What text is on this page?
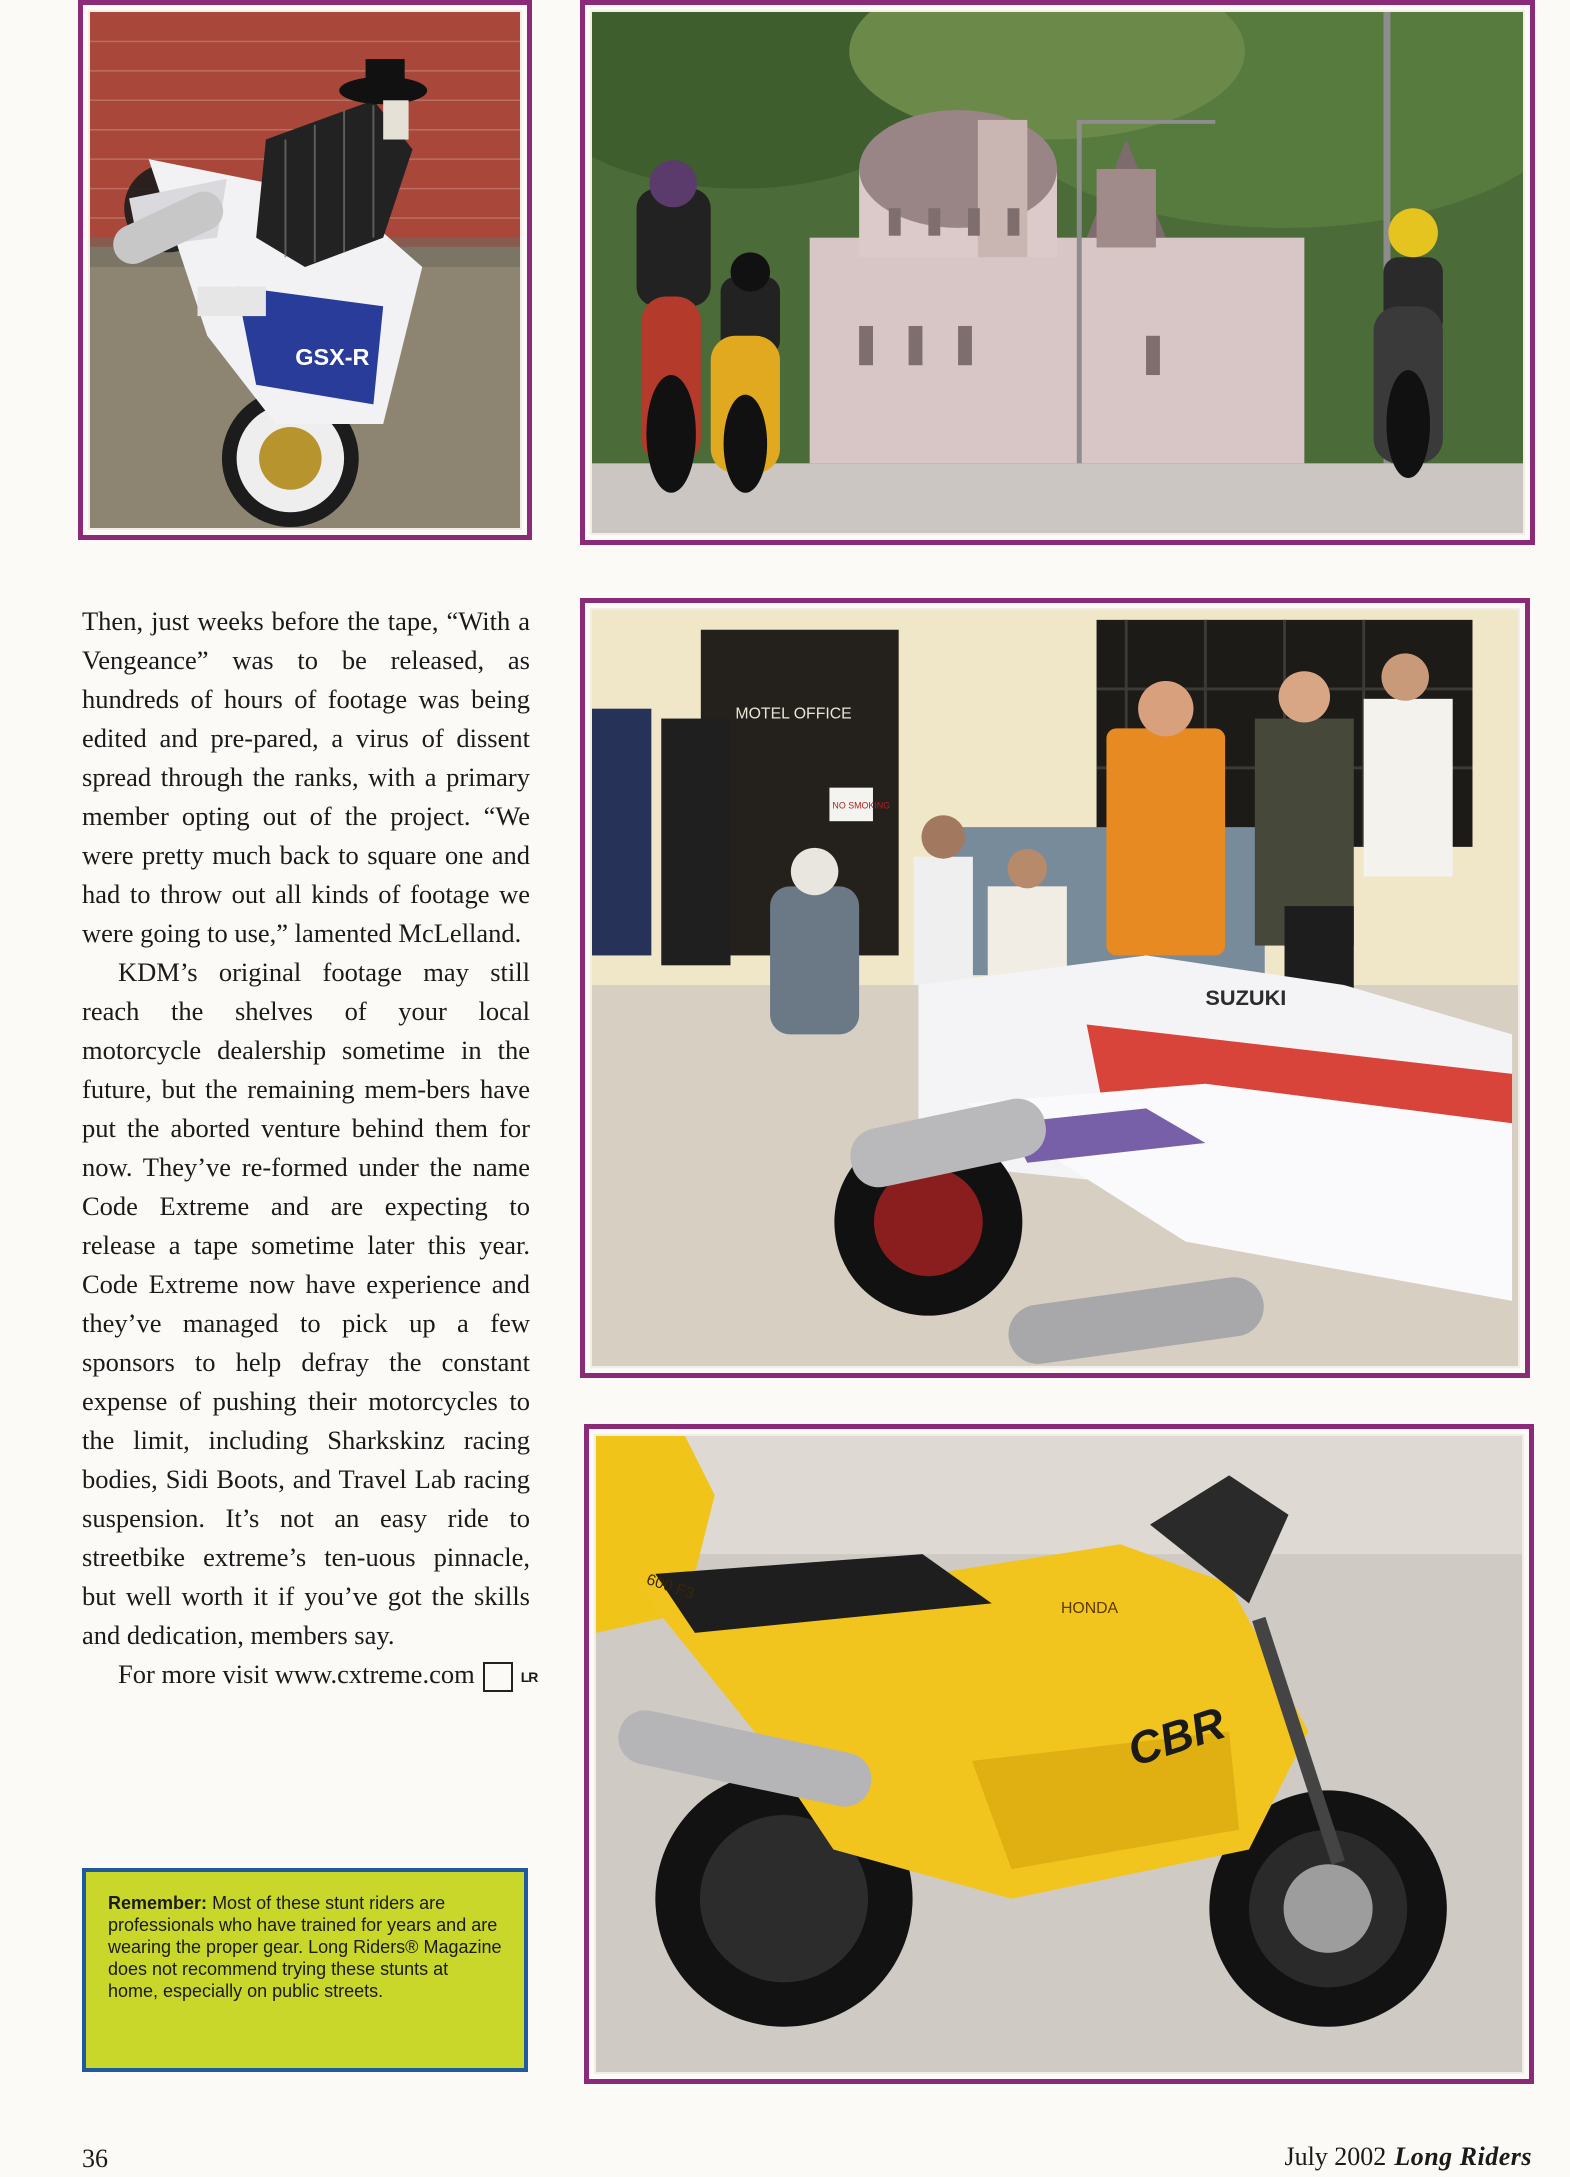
GSX-R
MOTEL OFFICE
NO SMOKING
SUZUKI
HONDA
600 F3
CBR

Then, just weeks before the tape, “With a Vengeance” was to be released, as hundreds of hours of footage was being edited and pre-pared, a virus of dissent spread through the ranks, with a primary member opting out of the project. “We were pretty much back to square one and had to throw out all kinds of footage we were going to use,” lamented McLelland.

KDM’s original footage may still reach the shelves of your local motorcycle dealership sometime in the future, but the remaining mem-bers have put the aborted venture behind them for now. They’ve re-formed under the name Code Extreme and are expecting to release a tape sometime later this year. Code Extreme now have experience and they’ve managed to pick up a few sponsors to help defray the constant expense of pushing their motorcycles to the limit, including Sharkskinz racing bodies, Sidi Boots, and Travel Lab racing suspension. It’s not an easy ride to streetbike extreme’s ten-uous pinnacle, but well worth it if you’ve got the skills and dedication, members say.

For more visit www.cxtreme.com	LR

Remember: Most of these stunt riders are professionals who have trained for years and are wearing the proper gear. Long Riders® Magazine does not recommend trying these stunts at home, especially on public streets.
36	July 2002 Long Riders
